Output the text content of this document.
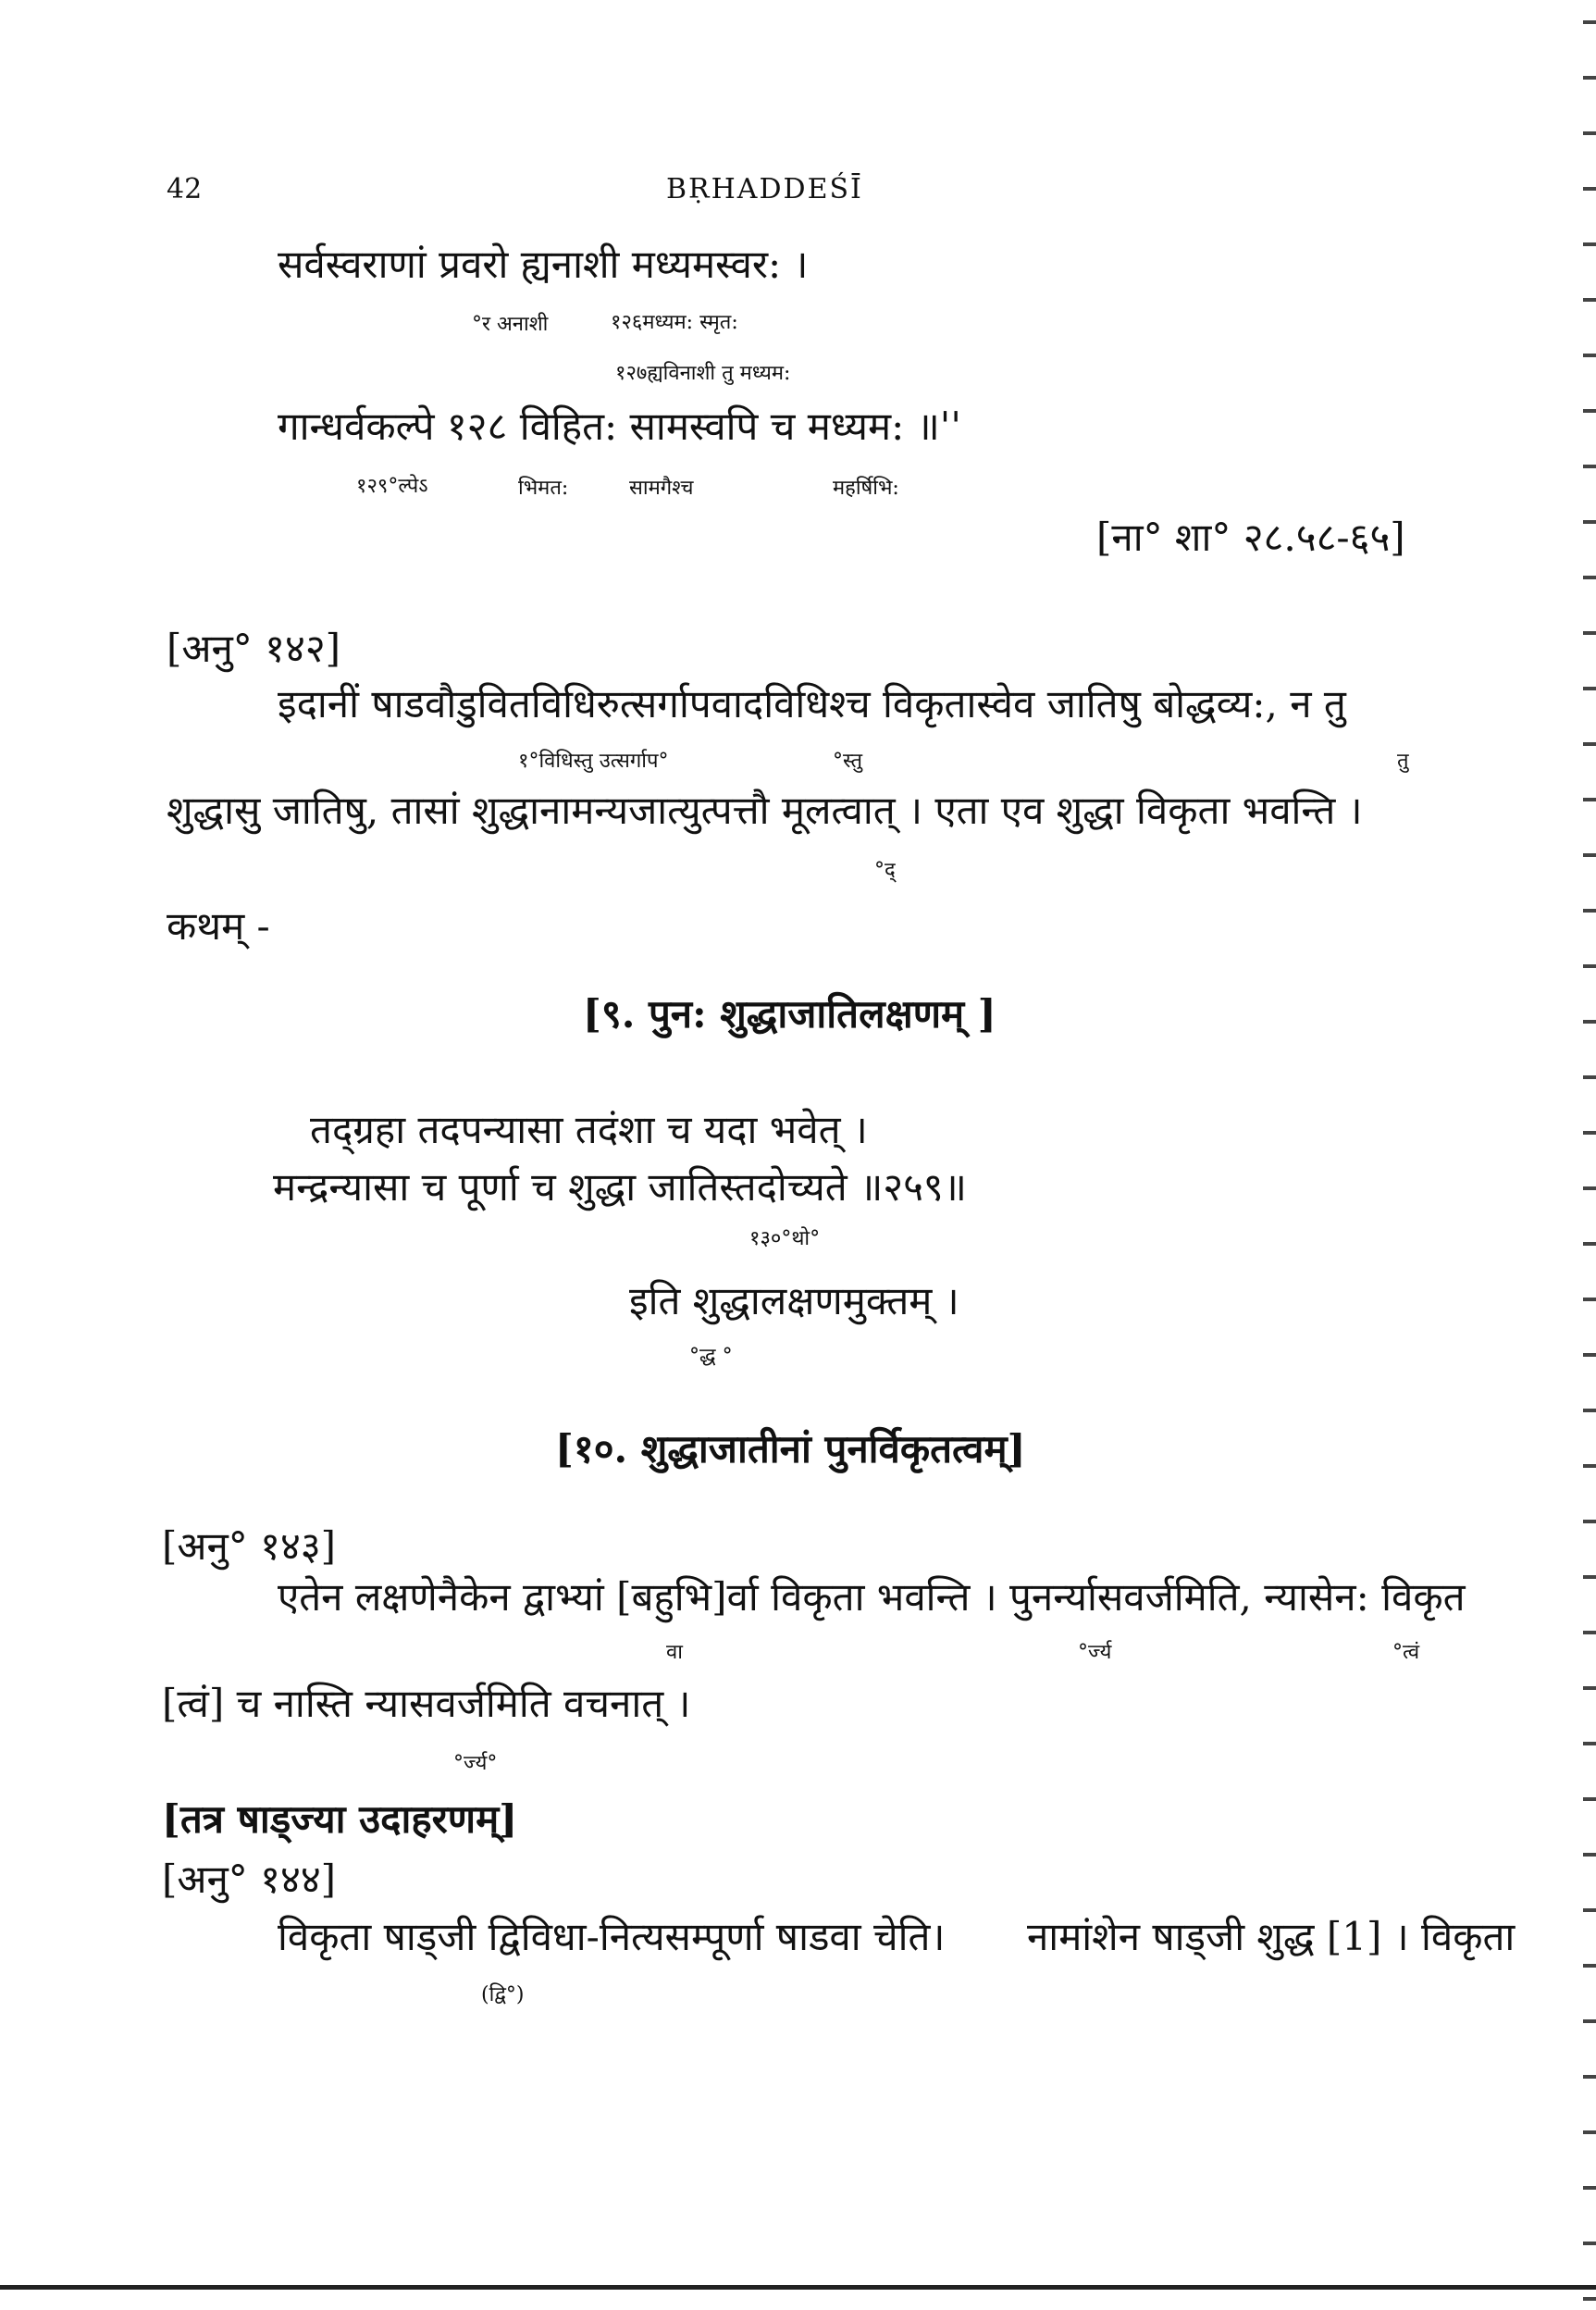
42	BṚHADDEŚĪ
सर्वस्वराणां प्रवरो ह्यनाशी मध्यमस्वर: ।
°र अनाशी	१२६मध्यम: स्मृत:
१२७ह्यविनाशी तु मध्यम:
गान्धर्वकल्पे १२८ विहित: सामस्वपि च मध्यम: ॥''
१२९°ल्पेऽ	भिमत:	सामगैश्च	महर्षिभि:
[ना° शा° २८.५८-६५]
[अनु° १४२]
इदानीं षाडवौडुवितविधिरुत्सर्गापवादविधिश्च विकृतास्वेव जातिषु बोद्धव्य:, न तु
१°विधिस्तु उत्सर्गाप°	°स्तु	तु
शुद्धासु जातिषु, तासां शुद्धानामन्यजात्युत्पत्तौ मूलत्वात् । एता एव शुद्धा विकृता भवन्ति ।
°द्
कथम् -
[९. पुन: शुद्धाजातिलक्षणम् ]
तद्ग्रहा तदपन्यासा तदंशा च यदा भवेत् ।
मन्द्रन्यासा च पूर्णा च शुद्धा जातिस्तदोच्यते ॥२५९॥
१३०°थो°
इति शुद्धालक्षणमुक्तम् ।
°द्ध °
[१०. शुद्धाजातीनां पुनर्विकृतत्वम्]
[अनु° १४३]
एतेन लक्षणेनैकेन द्वाभ्यां [बहुभि]र्वा विकृता भवन्ति । पुनर्न्यासवर्जमिति, न्यासेन: विकृत
वा	°र्ज्य	°त्वं
[त्वं] च नास्ति न्यासवर्जमिति वचनात् ।
°र्ज्य°
[तत्र षाड्ज्या उदाहरणम्]
[अनु° १४४]
विकृता षाड्जी द्विविधा-नित्यसम्पूर्णा षाडवा चेति। नामांशेन षाड्जी शुद्ध [1] । विकृता
(द्वि°)
